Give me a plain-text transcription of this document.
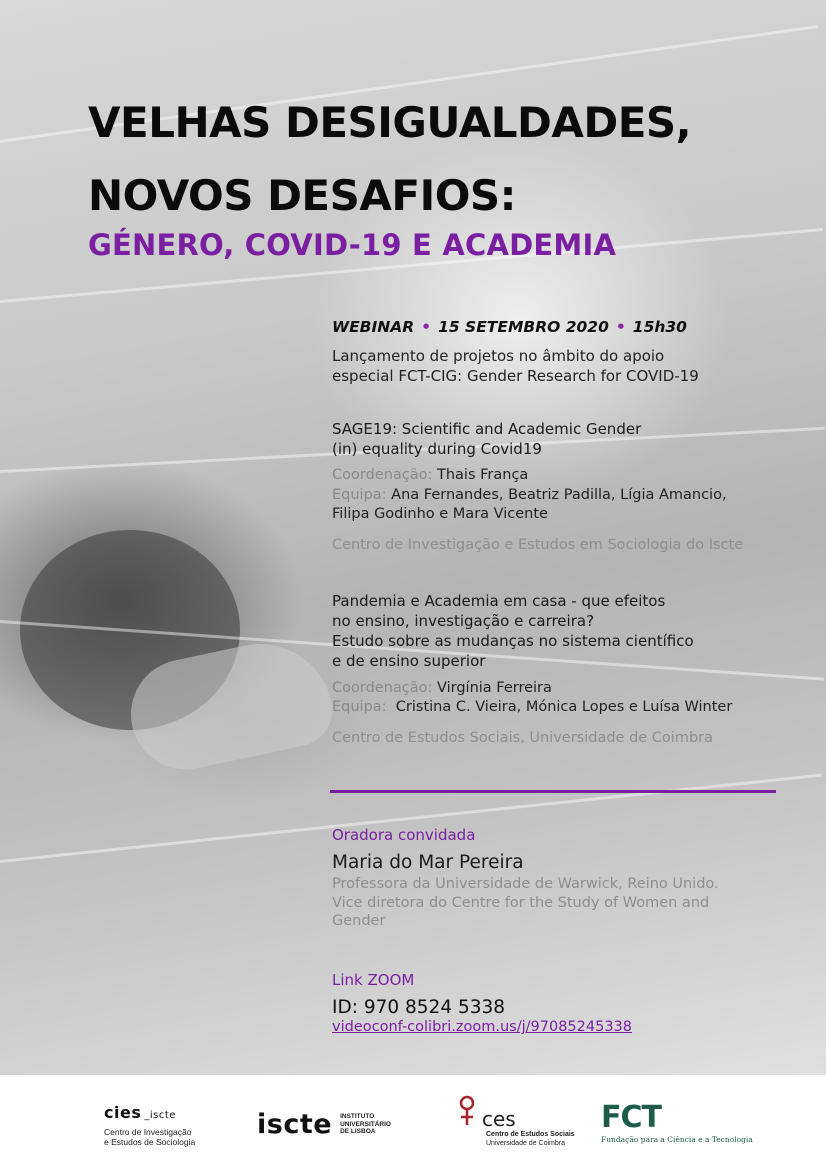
VELHAS DESIGUALDADES,
NOVOS DESAFIOS:
GÉNERO, COVID-19 E ACADEMIA
WEBINAR • 15 SETEMBRO 2020 • 15h30
Lançamento de projetos no âmbito do apoio
especial FCT-CIG: Gender Research for COVID-19
SAGE19: Scientific and Academic Gender
(in) equality during Covid19
Coordenação: Thais França
Equipa: Ana Fernandes, Beatriz Padilla, Lígia Amancio,
Filipa Godinho e Mara Vicente
Centro de Investigação e Estudos em Sociologia do Iscte
Pandemia e Academia em casa - que efeitos
no ensino, investigação e carreira?
Estudo sobre as mudanças no sistema científico
e de ensino superior
Coordenação: Virgínia Ferreira
Equipa: Cristina C. Vieira, Mónica Lopes e Luísa Winter
Centro de Estudos Sociais, Universidade de Coimbra
Oradora convidada
Maria do Mar Pereira
Professora da Universidade de Warwick, Reino Unido.
Vice diretora do Centre for the Study of Women and
Gender
Link ZOOM
ID: 970 8524 5338
videoconf-colibri.zoom.us/j/97085245338
cies _iscte
Centro de Investigação
e Estudos de Sociologia
iscte INSTITUTO
UNIVERSITÁRIO
DE LISBOA
ces
Centro de Estudos Sociais
Universidade de Coimbra
FCT
Fundação para a Ciência e a Tecnologia
